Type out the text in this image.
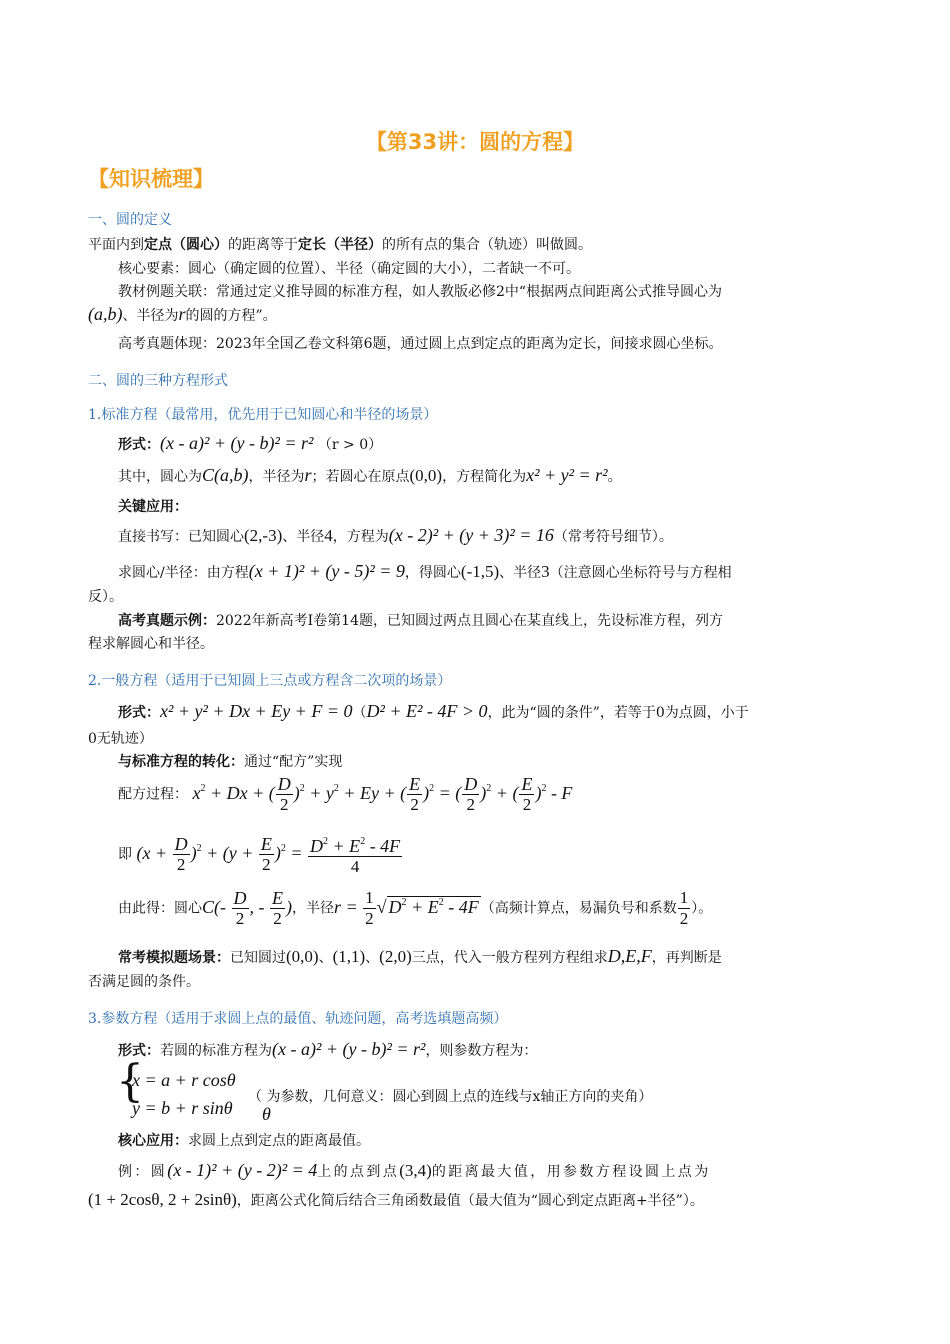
【第33讲：圆的方程】
【知识梳理】
一、圆的定义
平面内到定点（圆心）的距离等于定长（半径）的所有点的集合（轨迹）叫做圆。
核心要素：圆心（确定圆的位置）、半径（确定圆的大小），二者缺一不可。
教材例题关联：常通过定义推导圆的标准方程，如人教版必修2中“根据两点间距离公式推导圆心为
(a,b)、半径为r的圆的方程”。
高考真题体现：2023年全国乙卷文科第6题，通过圆上点到定点的距离为定长，间接求圆心坐标。
二、圆的三种方程形式
1.标准方程（最常用，优先用于已知圆心和半径的场景）
形式：(x - a)² + (y - b)² = r² （r > 0）
其中，圆心为C(a,b)，半径为r；若圆心在原点(0,0)，方程简化为x² + y² = r²。
关键应用：
直接书写：已知圆心(2,-3)、半径4，方程为(x - 2)² + (y + 3)² = 16（常考符号细节）。
求圆心/半径：由方程(x + 1)² + (y - 5)² = 9，得圆心(-1,5)、半径3（注意圆心坐标符号与方程相
反）。
高考真题示例：2022年新高考Ⅰ卷第14题，已知圆过两点且圆心在某直线上，先设标准方程，列方
程求解圆心和半径。
2.一般方程（适用于已知圆上三点或方程含二次项的场景）
形式：x² + y² + Dx + Ey + F = 0（D² + E² - 4F > 0，此为“圆的条件”，若等于0为点圆，小于
0无轨迹）
与标准方程的转化：通过“配方”实现
配方过程： $x^2 + Dx$ + ( $\frac{D}{2} )^2 + y^2 + Ey$ + ( $\frac{E}{2} )^2$ = ( $\frac{D}{2} )^2$ + ( $\frac{E}{2} )^2$ - F
即 $(x + \frac{D}{2} )^2 + (y + \frac{E}{2} )^2 = \frac{D^2 + E^2 - 4F}{4}$
由此得：圆心$C(- \frac{D}{2}$ , - $\frac{E}{2}$ )，半径$r = \frac{1}{2}$ √ $D^2 + E^2 - 4F$ （高频计算点，易漏负号和系数 $\frac{1}{2}$ ）。
常考模拟题场景：已知圆过(0,0)、(1,1)、(2,0)三点，代入一般方程列方程组求D,E,F，再判断是
否满足圆的条件。
3.参数方程（适用于求圆上点的最值、轨迹问题，高考选填题高频）
形式：若圆的标准方程为(x - a)² + (y - b)² = r²，则参数方程为：
{
x = a + r cosθ
y = b + r sinθ
（ 为参数，几何意义：圆心到圆上点的连线与x轴正方向的夹角）
θ
核心应用：求圆上点到定点的距离最值。
例：圆(x - 1)² + (y - 2)² = 4上的点到点(3,4)的距离最大值，用参数方程设圆上点为
(1 + 2cosθ, 2 + 2sinθ)，距离公式化简后结合三角函数最值（最大值为“圆心到定点距离+半径”）。
